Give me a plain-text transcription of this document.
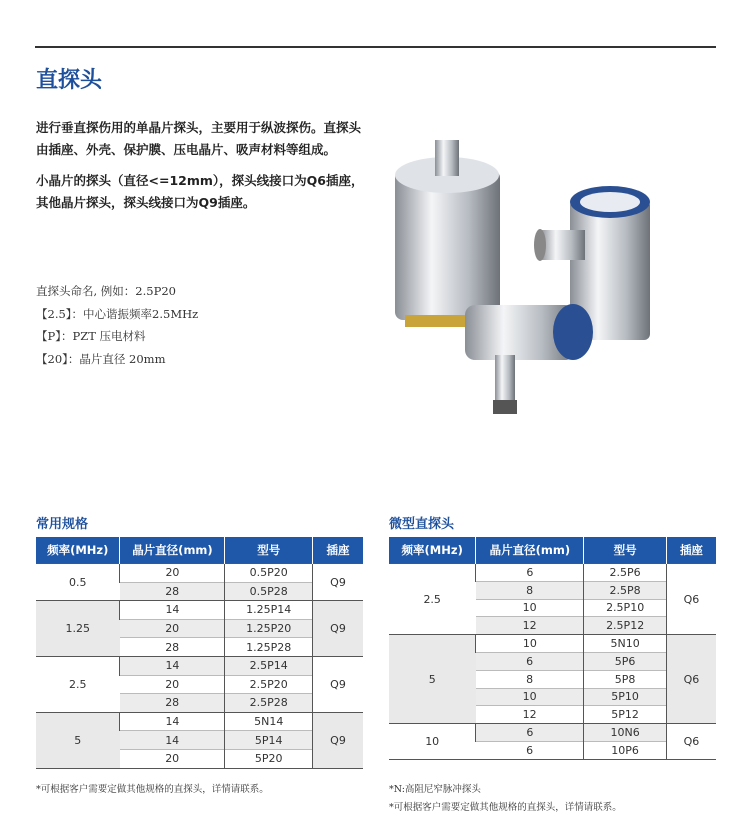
直探头
进行垂直探伤用的单晶片探头，主要用于纵波探伤。直探头由插座、外壳、保护膜、压电晶片、吸声材料等组成。
小晶片的探头（直径<=12mm），探头线接口为Q6插座，其他晶片探头，探头线接口为Q9插座。
直探头命名, 例如：2.5P20
【2.5】：中心谐振频率2.5MHz
【P】：PZT 压电材料
【20】：晶片直径 20mm
常用规格
频率(MHz)	晶片直径(mm)	型号	插座
0.5	20	0.5P20	Q9
	28	0.5P28	
1.25	14	1.25P14	Q9
	20	1.25P20	
	28	1.25P28	
2.5	14	2.5P14	Q9
	20	2.5P20	
	28	2.5P28	
5	14	5N14	Q9
	14	5P14	
	20	5P20	
*可根据客户需要定做其他规格的直探头，详情请联系。
微型直探头
频率(MHz)	晶片直径(mm)	型号	插座
2.5	6	2.5P6	Q6
	8	2.5P8	
	10	2.5P10	
	12	2.5P12	
5	10	5N10	Q6
	6	5P6	
	8	5P8	
	10	5P10	
	12	5P12	
10	6	10N6	Q6
	6	10P6	
*N:高阻尼窄脉冲探头
*可根据客户需要定做其他规格的直探头，详情请联系。
